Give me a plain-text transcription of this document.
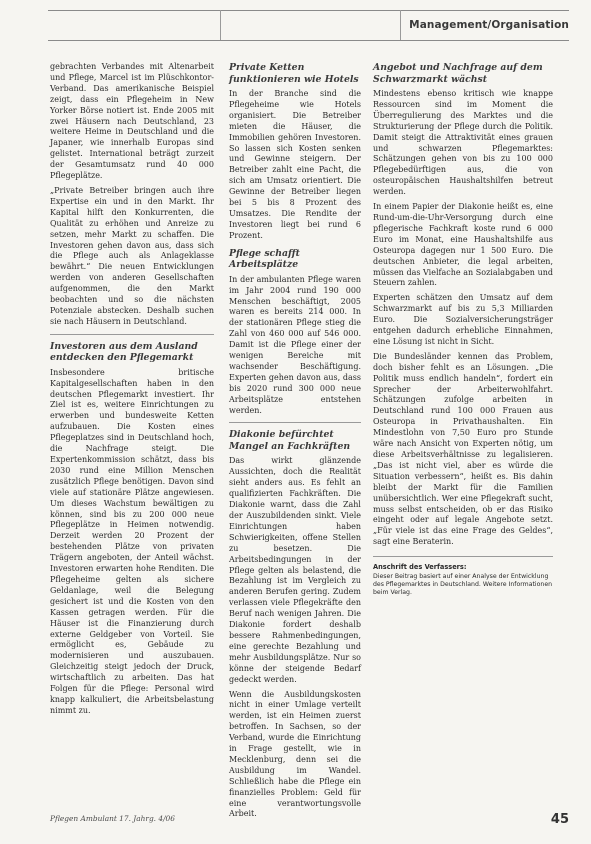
Management/Organisation

gebrachten Verbandes mit Altenarbeit und Pflege, Marcel ist im Plüschkontor-Verband. Das amerikanische Beispiel zeigt, dass ein Pflegeheim in New Yorker Börse notiert ist. Ende 2005 mit zwei Häusern nach Deutschland, 23 weitere Heime in Deutschland und die Japaner, wie innerhalb Europas sind gelistet. International beträgt zurzeit der Gesamtumsatz rund 40 000 Pflegeplätze.

„Private Betreiber bringen auch ihre Expertise ein und in den Markt. Ihr Kapital hilft den Konkurrenten, die Qualität zu erhöhen und Anreize zu setzen, mehr Markt zu schaffen. Die Investoren gehen davon aus, dass sich die Pflege auch als Anlageklasse bewährt.“ Die neuen Entwicklungen werden von anderen Gesellschaften aufgenommen, die den Markt beobachten und so die nächsten Potenziale abstecken. Deshalb suchen sie nach Häusern in Deutschland.

Investoren aus dem Ausland entdecken den Pflegemarkt

Insbesondere britische Kapitalgesellschaften haben in den deutschen Pflegemarkt investiert. Ihr Ziel ist es, weitere Einrichtungen zu erwerben und bundesweite Ketten aufzubauen. Die Kosten eines Pflegeplatzes sind in Deutschland hoch, die Nachfrage steigt. Die Expertenkommission schätzt, dass bis 2030 rund eine Million Menschen zusätzlich Pflege benötigen. Davon sind viele auf stationäre Plätze angewiesen. Um dieses Wachstum bewältigen zu können, sind bis zu 200 000 neue Pflegeplätze in Heimen notwendig. Derzeit werden 20 Prozent der bestehenden Plätze von privaten Trägern angeboten, der Anteil wächst. Investoren erwarten hohe Renditen. Die Pflegeheime gelten als sichere Geldanlage, weil die Belegung gesichert ist und die Kosten von den Kassen getragen werden. Für die Häuser ist die Finanzierung durch externe Geldgeber von Vorteil. Sie ermöglicht es, Gebäude zu modernisieren und auszubauen. Gleichzeitig steigt jedoch der Druck, wirtschaftlich zu arbeiten. Das hat Folgen für die Pflege: Personal wird knapp kalkuliert, die Arbeitsbelastung nimmt zu.

Private Ketten funktionieren wie Hotels

In der Branche sind die Pflegeheime wie Hotels organisiert. Die Betreiber mieten die Häuser, die Immobilien gehören Investoren. So lassen sich Kosten senken und Gewinne steigern. Der Betreiber zahlt eine Pacht, die sich am Umsatz orientiert. Die Gewinne der Betreiber liegen bei 5 bis 8 Prozent des Umsatzes. Die Rendite der Investoren liegt bei rund 6 Prozent.

Pflege schafft Arbeitsplätze

In der ambulanten Pflege waren im Jahr 2004 rund 190 000 Menschen beschäftigt, 2005 waren es bereits 214 000. In der stationären Pflege stieg die Zahl von 460 000 auf 546 000. Damit ist die Pflege einer der wenigen Bereiche mit wachsender Beschäftigung. Experten gehen davon aus, dass bis 2020 rund 300 000 neue Arbeitsplätze entstehen werden.

Diakonie befürchtet Mangel an Fachkräften

Das wirkt glänzende Aussichten, doch die Realität sieht anders aus. Es fehlt an qualifizierten Fachkräften. Die Diakonie warnt, dass die Zahl der Auszubildenden sinkt. Viele Einrichtungen haben Schwierigkeiten, offene Stellen zu besetzen. Die Arbeitsbedingungen in der Pflege gelten als belastend, die Bezahlung ist im Vergleich zu anderen Berufen gering. Zudem verlassen viele Pflegekräfte den Beruf nach wenigen Jahren. Die Diakonie fordert deshalb bessere Rahmenbedingungen, eine gerechte Bezahlung und mehr Ausbildungsplätze. Nur so könne der steigende Bedarf gedeckt werden.

Wenn die Ausbildungskosten nicht in einer Umlage verteilt werden, ist ein Heimen zuerst betroffen. In Sachsen, so der Verband, wurde die Einrichtung in Frage gestellt, wie in Mecklenburg, denn sei die Ausbildung im Wandel. Schließlich habe die Pflege ein finanzielles Problem: Geld für eine verantwortungsvolle Arbeit.

Angebot und Nachfrage auf dem Schwarzmarkt wächst

Mindestens ebenso kritisch wie knappe Ressourcen sind im Moment die Überregulierung des Marktes und die Strukturierung der Pflege durch die Politik. Damit steigt die Attraktivität eines grauen und schwarzen Pflegemarktes: Schätzungen gehen von bis zu 100 000 Pflegebedürftigen aus, die von osteuropäischen Haushaltshilfen betreut werden.

In einem Papier der Diakonie heißt es, eine Rund-um-die-Uhr-Versorgung durch eine pflegerische Fachkraft koste rund 6 000 Euro im Monat, eine Haushaltshilfe aus Osteuropa dagegen nur 1 500 Euro. Die deutschen Anbieter, die legal arbeiten, müssen das Vielfache an Sozialabgaben und Steuern zahlen.

Experten schätzen den Umsatz auf dem Schwarzmarkt auf bis zu 5,3 Milliarden Euro. Die Sozialversicherungsträger entgehen dadurch erhebliche Einnahmen, eine Lösung ist nicht in Sicht.

Die Bundesländer kennen das Problem, doch bisher fehlt es an Lösungen. „Die Politik muss endlich handeln“, fordert ein Sprecher der Arbeiterwohlfahrt. Schätzungen zufolge arbeiten in Deutschland rund 100 000 Frauen aus Osteuropa in Privathaushalten. Ein Mindestlohn von 7,50 Euro pro Stunde wäre nach Ansicht von Experten nötig, um diese Arbeitsverhältnisse zu legalisieren. „Das ist nicht viel, aber es würde die Situation verbessern“, heißt es. Bis dahin bleibt der Markt für die Familien unübersichtlich. Wer eine Pflegekraft sucht, muss selbst entscheiden, ob er das Risiko eingeht oder auf legale Angebote setzt. „Für viele ist das eine Frage des Geldes“, sagt eine Beraterin.

Anschrift des Verfassers:
Dieser Beitrag basiert auf einer Analyse der Entwicklung des Pflegemarktes in Deutschland. Weitere Informationen beim Verlag.
Pflegen Ambulant 17. Jahrg. 4/06	45
